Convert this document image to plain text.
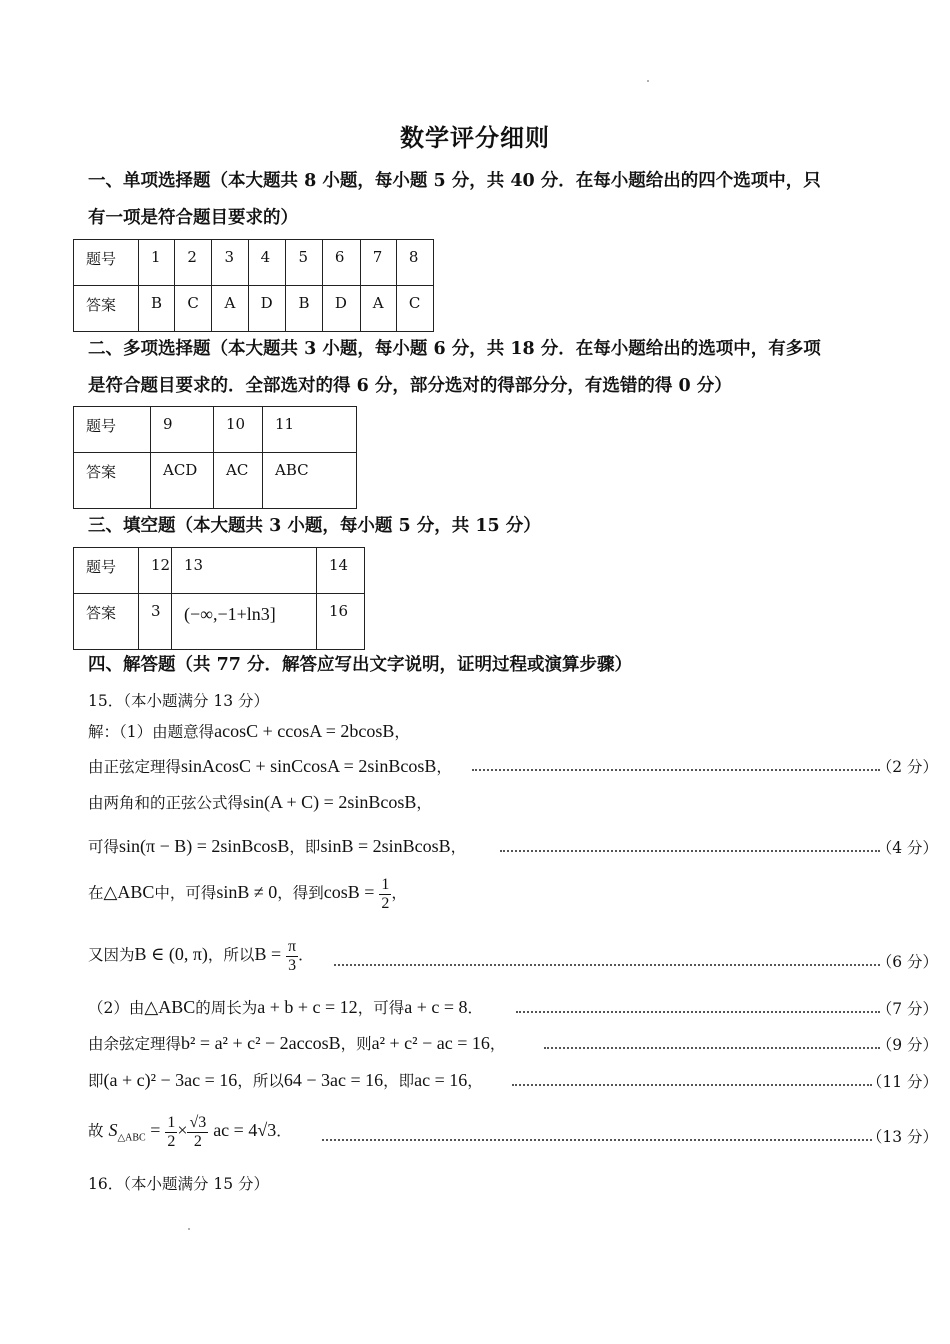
数学评分细则
一、单项选择题（本大题共 8 小题，每小题 5 分，共 40 分．在每小题给出的四个选项中，只
有一项是符合题目要求的）
题号	1	2	3	4	5	6	7	8
答案	B	C	A	D	B	D	A	C
二、多项选择题（本大题共 3 小题，每小题 6 分，共 18 分．在每小题给出的选项中，有多项
是符合题目要求的．全部选对的得 6 分，部分选对的得部分分，有选错的得 0 分）
题号	9	10	11
答案	ACD	AC	ABC
三、填空题（本大题共 3 小题，每小题 5 分，共 15 分）
题号	12	13	14
答案	3	(−∞,−1+ln3]	16
四、解答题（共 77 分．解答应写出文字说明，证明过程或演算步骤）
15．（本小题满分 13 分）
解：（1）由题意得acosC + ccosA = 2bcosB，
由正弦定理得sinAcosC + sinCcosA = 2sinBcosB，	（2 分）
由两角和的正弦公式得sin(A + C) = 2sinBcosB，
可得sin(π − B) = 2sinBcosB，即sinB = 2sinBcosB，	（4 分）
在△ABC中，可得sinB ≠ 0，得到$\cos B = \frac{1}{2}$ ，
又因为B ∈ (0, π)，所以$B = \frac{\pi}{3}$ ．	（6 分）
（2）由△ABC的周长为a + b + c = 12，可得a + c = 8．	（7 分）
由余弦定理得b² = a² + c² − 2accosB，则a² + c² − ac = 16，	（9 分）
即(a + c)² − 3ac = 16，所以64 − 3ac = 16，即ac = 16，	（11 分）
故 $S_{\triangle ABC} = \frac{1}{2} \times \frac{√3}{2}$ ac = 4√3．	（13 分）
16．（本小题满分 15 分）
